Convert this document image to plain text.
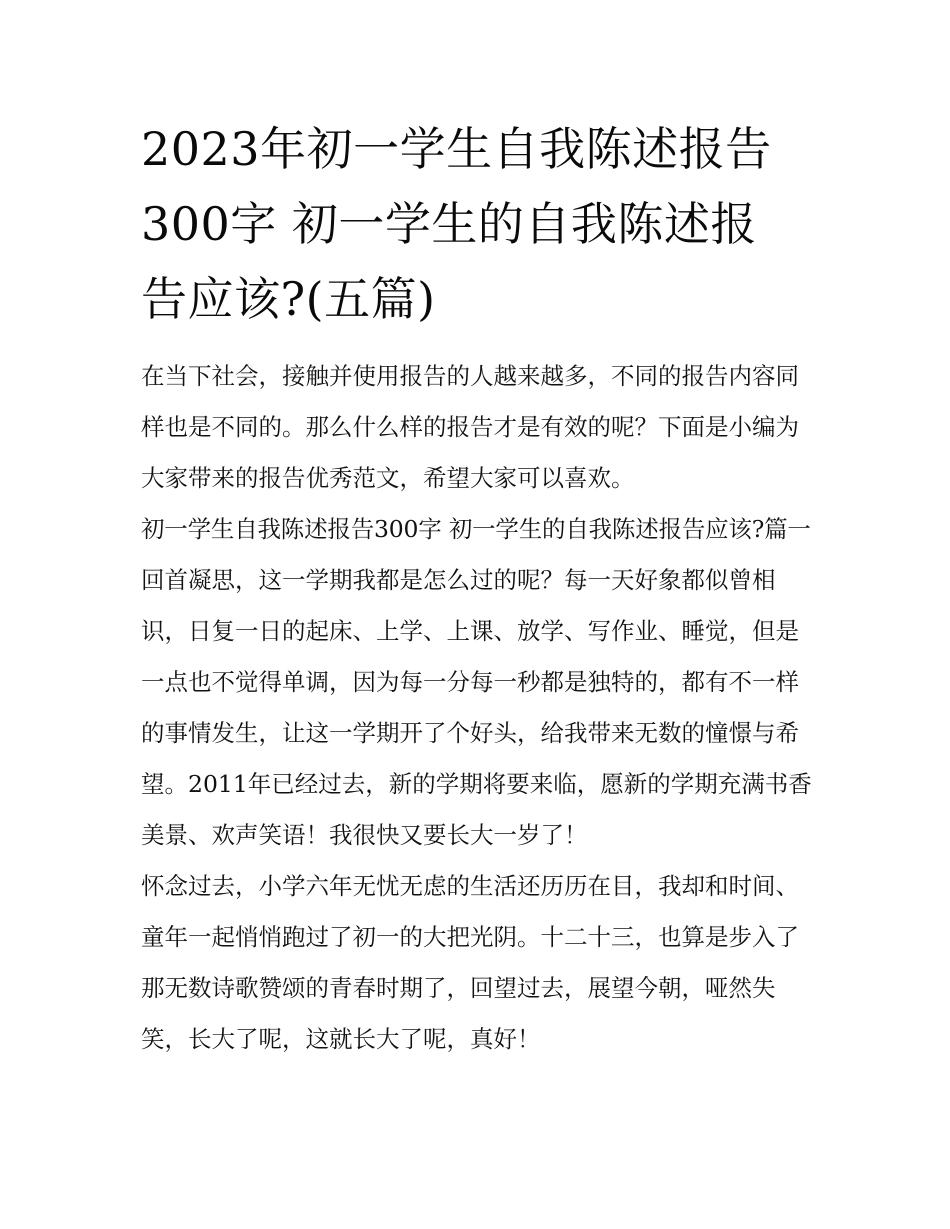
2023年初一学生自我陈述报告
300字 初一学生的自我陈述报
告应该?(五篇)

在当下社会，接触并使用报告的人越来越多，不同的报告内容同样也是不同的。那么什么样的报告才是有效的呢？下面是小编为大家带来的报告优秀范文，希望大家可以喜欢。

初一学生自我陈述报告300字 初一学生的自我陈述报告应该?篇一

回首凝思，这一学期我都是怎么过的呢？每一天好象都似曾相识，日复一日的起床、上学、上课、放学、写作业、睡觉，但是一点也不觉得单调，因为每一分每一秒都是独特的，都有不一样的事情发生，让这一学期开了个好头，给我带来无数的憧憬与希望。2011年已经过去，新的学期将要来临，愿新的学期充满书香美景、欢声笑语！我很快又要长大一岁了！

怀念过去，小学六年无忧无虑的生活还历历在目，我却和时间、童年一起悄悄跑过了初一的大把光阴。十二十三，也算是步入了那无数诗歌赞颂的青春时期了，回望过去，展望今朝，哑然失笑，长大了呢，这就长大了呢，真好！
